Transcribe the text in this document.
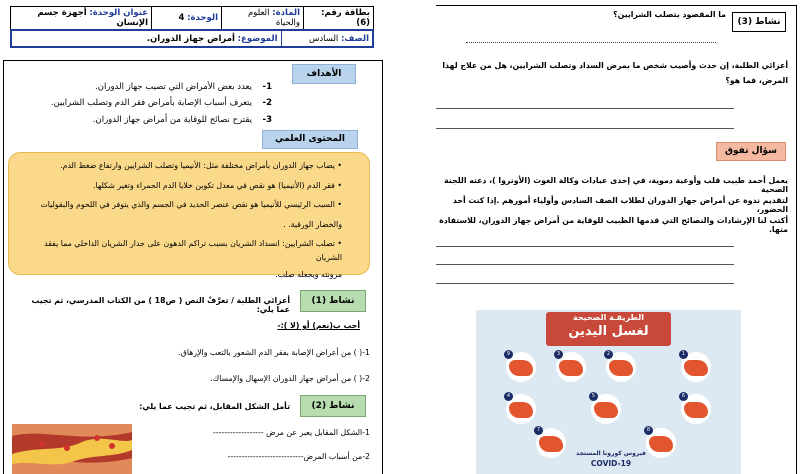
بطاقة رقم: (6)	المادة: العلوم والحياة	الوحدة: 4	عنوان الوحدة: أجهزة جسم الإنسان
الصف: السادس	الموضوع: أمراض جهاز الدوران.
الأهداف
1-
يعدد بعض الأمراض التي تصيب جهاز الدوران.
2-
يتعرف أسباب الإصابة بأمراض فقر الدم وتصلب الشرايين.
3-
يقترح نصائح للوقاية من أمراض جهاز الدوران.
المحتوى العلمي
• يصاب جهاز الدوران بأمراض مختلفة مثل: الأنيميا وتصلب الشرايين وارتفاع ضغط الدم.
• فقر الدم (الأنيميا) هو نقص في معدل تكوين خلايا الدم الحمراء وتغير شكلها.
• السبب الرئيسي للأنيميا هو نقص عنصر الحديد في الجسم والذي يتوفر في اللحوم والبقوليات
والخضار الورقية. .
• تصلب الشرايين: انسداد الشريان بسبب تراكم الدهون على جدار الشريان الداخلي مما يفقد الشريان
مرونته ويجعله صلب.
نشاط (1)
أعزائي الطلبة / تعرَّفْ النص ( ص18 ) من الكتاب المدرسي، ثم تجيب عما يلي:
أجب ب(نعم) أو (لا ):-
1-( ) من أعراض الإصابة بفقر الدم الشعور بالتعب والإرهاق.
2-( ) من أمراض جهاز الدوران الإسهال والإمساك.
نشاط (2)
تأمل الشكل المقابل، ثم تجيب عما يلي:
1-الشكل المقابل يعبر عن مرض ------------------
2-من أسباب المرض---------------------------
نشاط (3)
ما المقصود بتصلب الشرايين؟
أعزائي الطلبة، إن حدث وأصيب شخص ما بمرض السداد وتصلب الشرايين، هل من علاج لهذا المرض، فما هو؟
سؤال تفوق
يعمل أحمد طبيب قلب وأوعية دموية، في إحدى عيادات وكالة الغوث (الأونروا )، دعته اللجنة الصحية
لتقديم ندوة عن أمراض جهاز الدوران لطلاب الصف السادس وأولياء أمورهم .إذا كنت أحد الحضور،
أكتب لنا الإرشادات والنصائح التي قدمها الطبيب للوقاية من أمراض جهاز الدوران، للاستفادة منها.
الطريقـة الصحيحة
لغسل اليدين
9	3	2	1
4	5	6
7	8
فيروس كورونا المستجد
COVID-19
